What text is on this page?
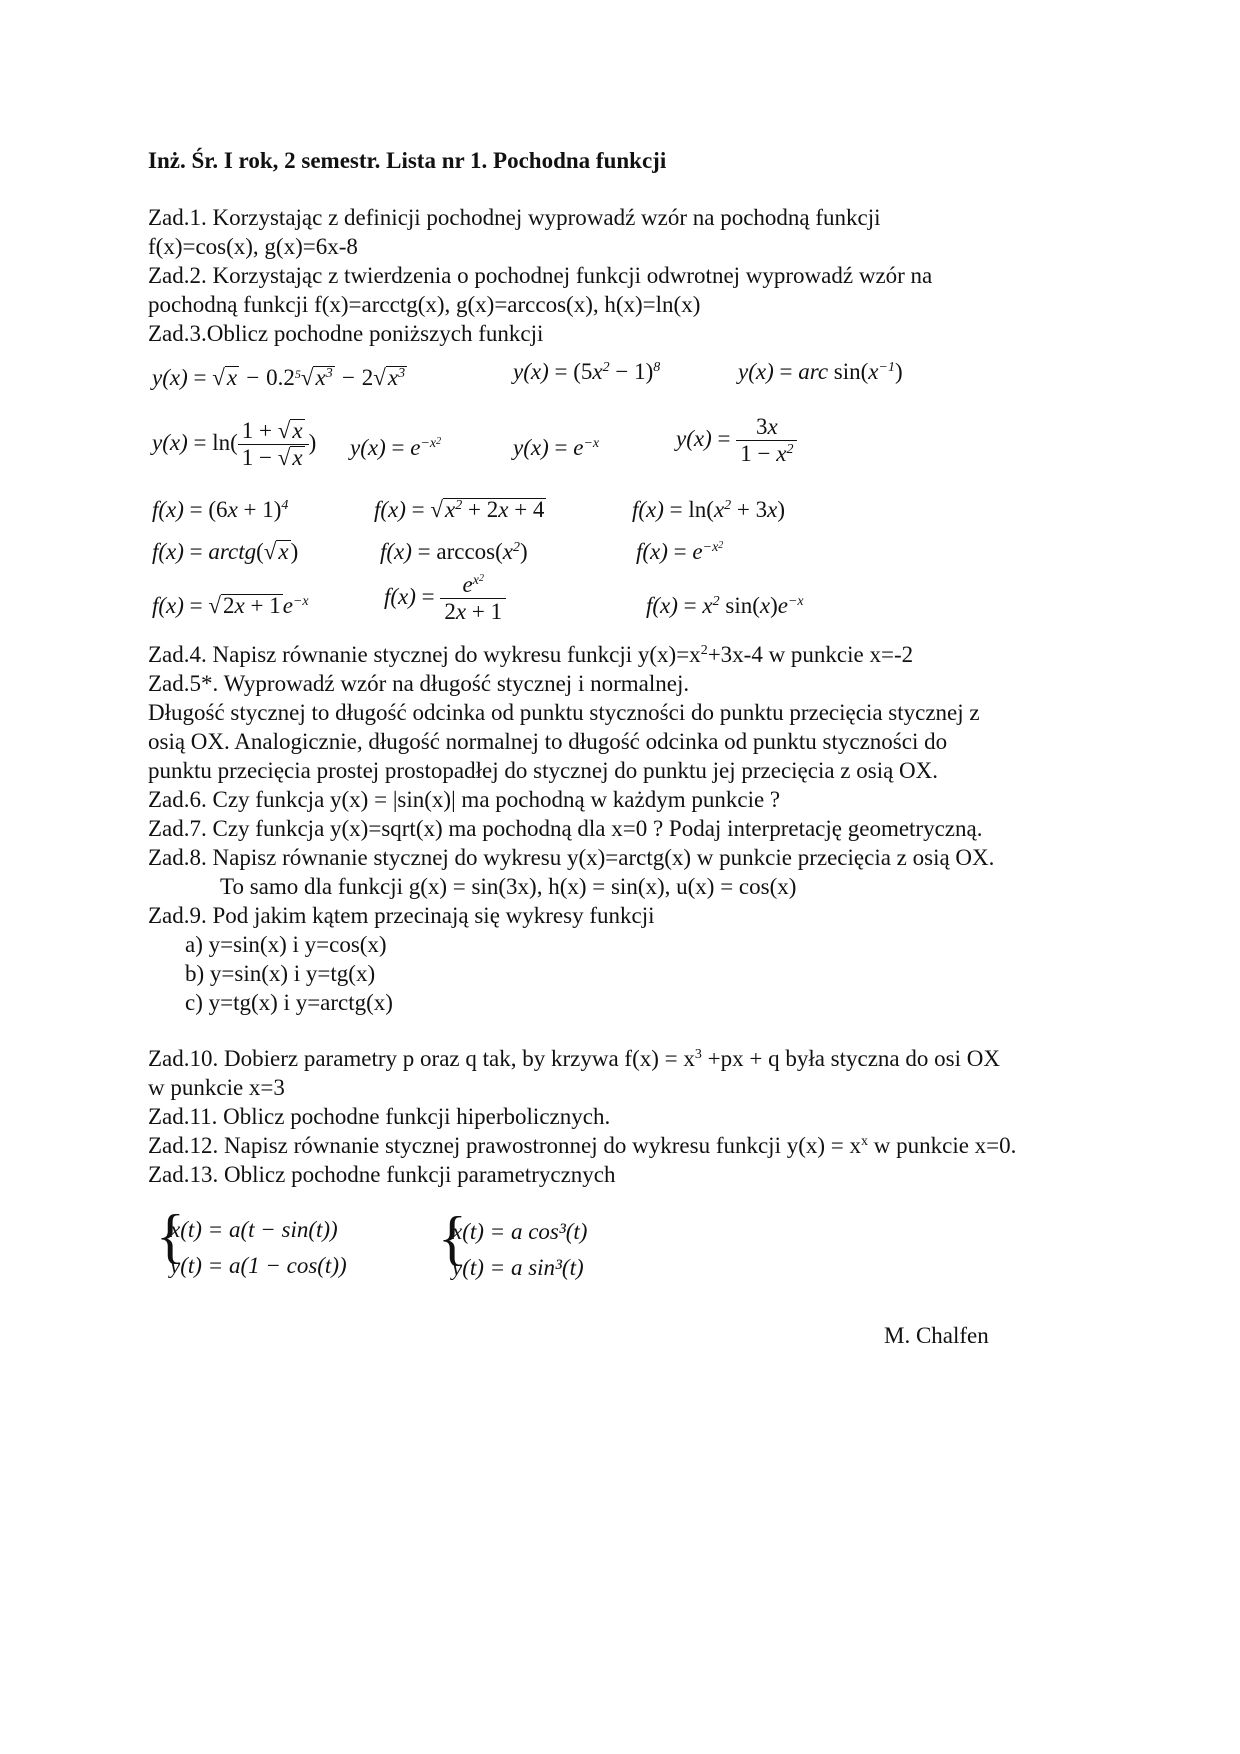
Inż. Śr. I rok, 2 semestr. Lista nr 1. Pochodna funkcji
Zad.1. Korzystając z definicji pochodnej wyprowadź wzór na pochodną funkcji
f(x)=cos(x), g(x)=6x-8
Zad.2. Korzystając z twierdzenia o pochodnej funkcji odwrotnej wyprowadź wzór na
pochodną funkcji f(x)=arcctg(x), g(x)=arccos(x), h(x)=ln(x)
Zad.3.Oblicz pochodne poniższych funkcji
$y(x) = √x - 0.2^5√x^3 - 2√x^3$	$y(x) = (5x^2 - 1)^8$	y(x) = arc $\sin(x^{-1})$
$y(x) = \ln( \frac{1 + √x}{1 - √x}$ ) $y(x) = e^{-x^2}$	$y(x) = e^{-x}$	$y(x) = \frac{3x}{1 - x^2}$
$f(x) = (6x + 1)^4$	$f(x) = √x^2 + 2x + 4$	$f(x) = \ln(x^2 + 3x)$
f(x) = arctg(√x)	$f(x) = \arccos(x^2)$	$f(x) = e^{-x^2}$
$f(x) = √2x + 1e^{-x}$	$f(x) = \frac{e^{x^2}}{2x + 1}$	$f(x) = x^2$ $\sin(x)e^{-x}$
Zad.4. Napisz równanie stycznej do wykresu funkcji $y(x)=x^2+3x-4$ w punkcie x=-2
Zad.5*. Wyprowadź wzór na długość stycznej i normalnej.
Długość stycznej to długość odcinka od punktu styczności do punktu przecięcia stycznej z
osią OX. Analogicznie, długość normalnej to długość odcinka od punktu styczności do
punktu przecięcia prostej prostopadłej do stycznej do punktu jej przecięcia z osią OX.
Zad.6. Czy funkcja y(x) = |sin(x)| ma pochodną w każdym punkcie ?
Zad.7. Czy funkcja y(x)=sqrt(x) ma pochodną dla x=0 ? Podaj interpretację geometryczną.
Zad.8. Napisz równanie stycznej do wykresu y(x)=arctg(x) w punkcie przecięcia z osią OX.
To samo dla funkcji g(x) = sin(3x), h(x) = sin(x), u(x) = cos(x)
Zad.9. Pod jakim kątem przecinają się wykresy funkcji
a) y=sin(x) i y=cos(x)
b) y=sin(x) i y=tg(x)
c) y=tg(x) i y=arctg(x)
Zad.10. Dobierz parametry p oraz q tak, by krzywa $f(x) = x^3 +px + q$ była styczna do osi OX
w punkcie x=3
Zad.11. Oblicz pochodne funkcji hiperbolicznych.
Zad.12. Napisz równanie stycznej prawostronnej do wykresu funkcji $y(x) = x^x$ w punkcie x=0.
Zad.13. Oblicz pochodne funkcji parametrycznych
{
x(t) = a(t − sin(t))
y(t) = a(1 − cos(t)) {
x(t) = a cos³(t)
y(t) = a sin³(t)
M. Chalfen
